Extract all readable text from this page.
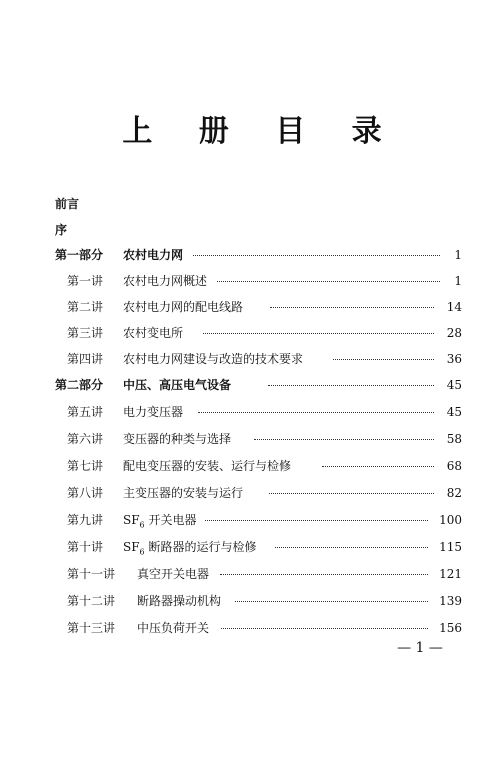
上 册 目 录
前言
序
第一部分 农村电力网	1
第一讲 农村电力网概述	1
第二讲 农村电力网的配电线路	14
第三讲 农村变电所	28
第四讲 农村电力网建设与改造的技术要求	36
第二部分 中压、高压电气设备	45
第五讲 电力变压器	45
第六讲 变压器的种类与选择	58
第七讲 配电变压器的安装、运行与检修	68
第八讲 主变压器的安装与运行	82
第九讲 $SF_6$ 开关电器	100
第十讲 $SF_6$ 断路器的运行与检修	115
第十一讲 真空开关电器	121
第十二讲 断路器操动机构	139
第十三讲 中压负荷开关	156
— 1 —
